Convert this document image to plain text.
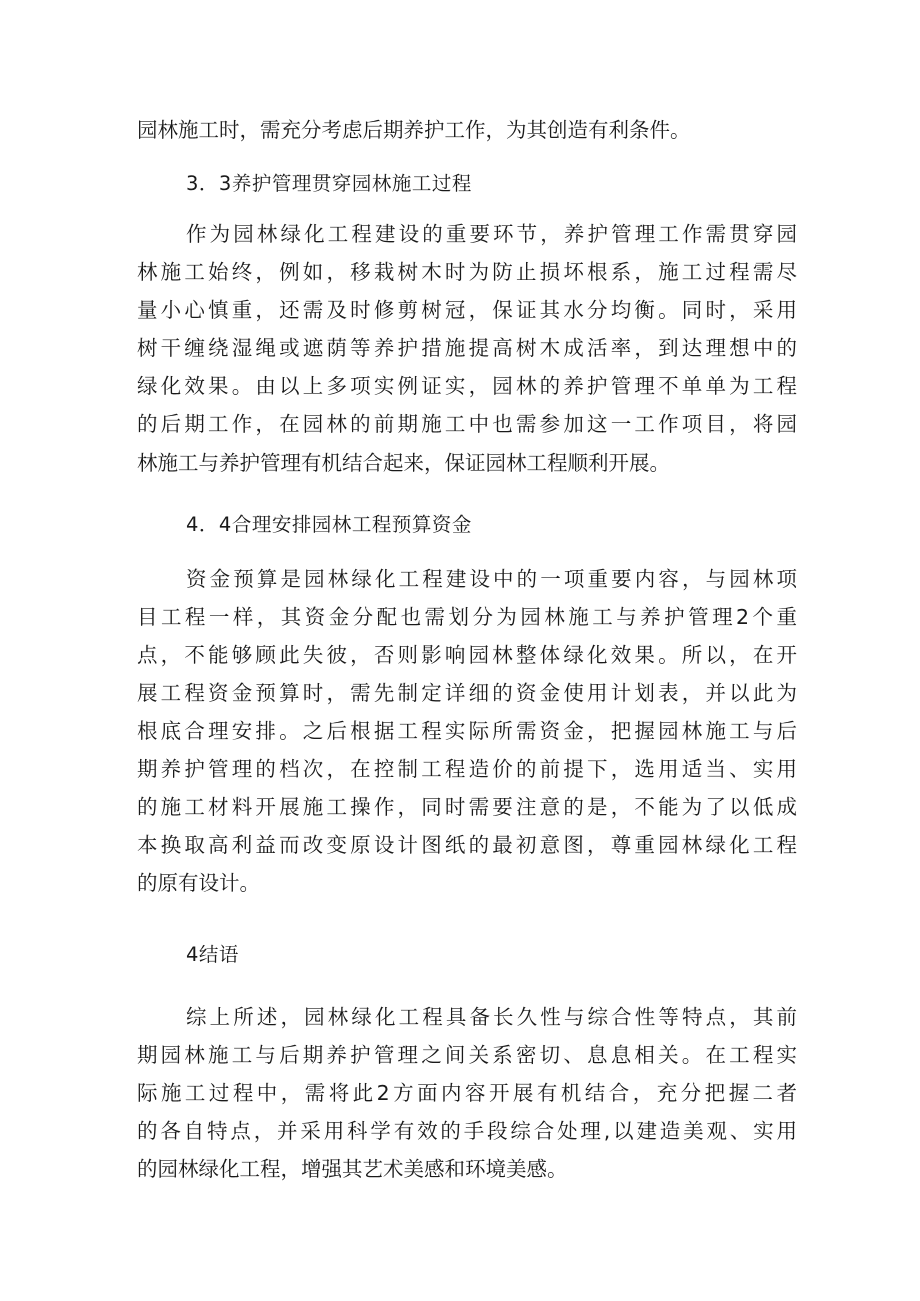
园林施工时，需充分考虑后期养护工作，为其创造有利条件。
3．3养护管理贯穿园林施工过程
作为园林绿化工程建设的重要环节，养护管理工作需贯穿园
林施工始终，例如，移栽树木时为防止损坏根系，施工过程需尽
量小心慎重，还需及时修剪树冠，保证其水分均衡。同时，采用
树干缠绕湿绳或遮荫等养护措施提高树木成活率，到达理想中的
绿化效果。由以上多项实例证实，园林的养护管理不单单为工程
的后期工作，在园林的前期施工中也需参加这一工作项目，将园
林施工与养护管理有机结合起来，保证园林工程顺利开展。
4．4合理安排园林工程预算资金
资金预算是园林绿化工程建设中的一项重要内容，与园林项
目工程一样，其资金分配也需划分为园林施工与养护管理2个重
点，不能够顾此失彼，否则影响园林整体绿化效果。所以，在开
展工程资金预算时，需先制定详细的资金使用计划表，并以此为
根底合理安排。之后根据工程实际所需资金，把握园林施工与后
期养护管理的档次，在控制工程造价的前提下，选用适当、实用
的施工材料开展施工操作，同时需要注意的是，不能为了以低成
本换取高利益而改变原设计图纸的最初意图，尊重园林绿化工程
的原有设计。
4结语
综上所述，园林绿化工程具备长久性与综合性等特点，其前
期园林施工与后期养护管理之间关系密切、息息相关。在工程实
际施工过程中，需将此2方面内容开展有机结合，充分把握二者
的各自特点，并采用科学有效的手段综合处理,以建造美观、实用
的园林绿化工程，增强其艺术美感和环境美感。
